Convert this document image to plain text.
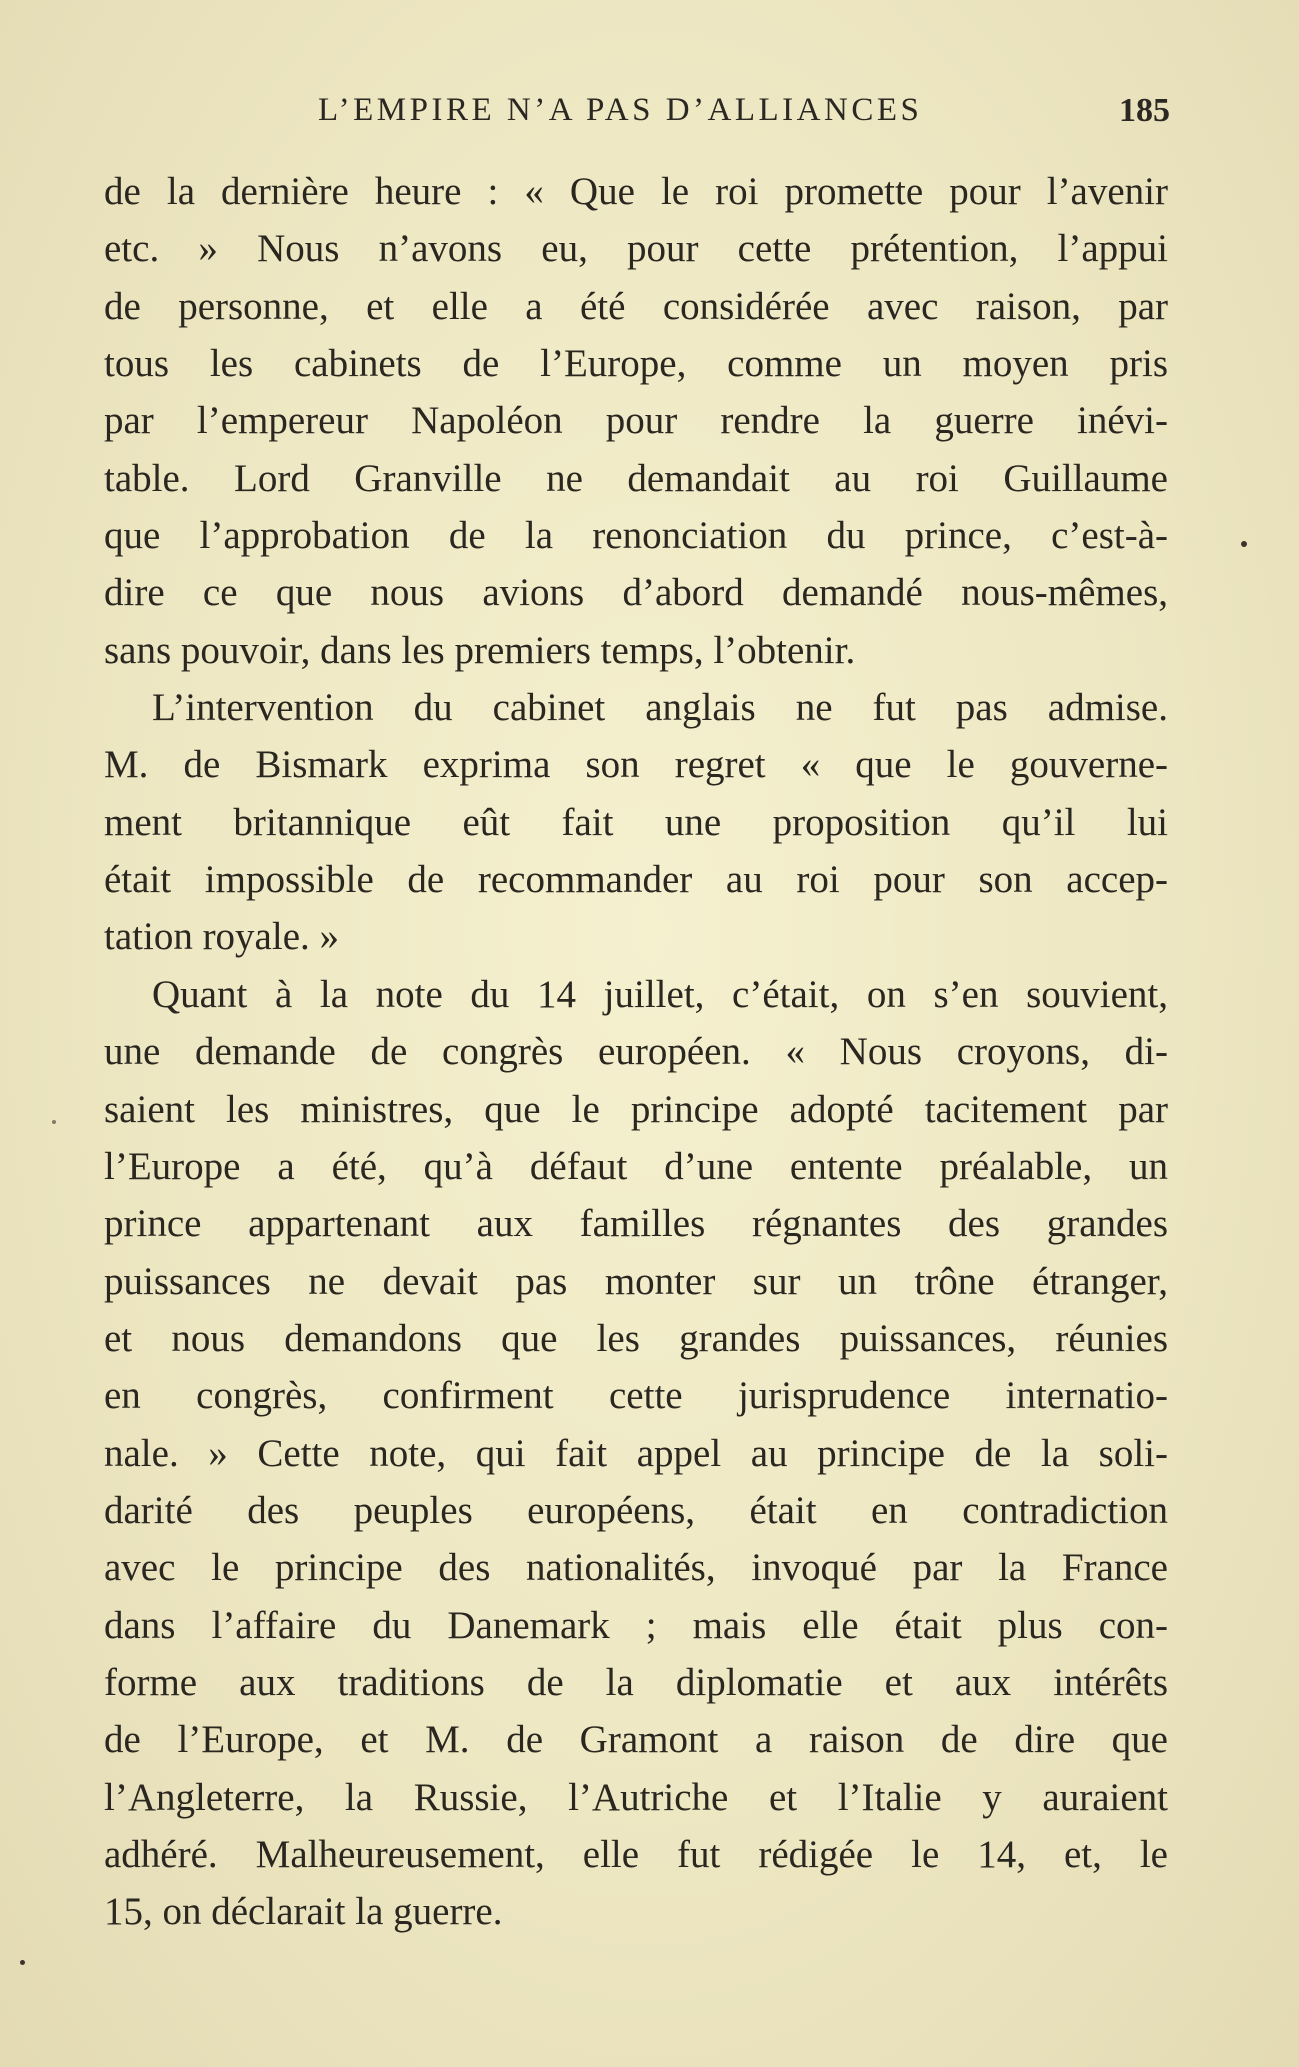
L’EMPIRE N’A PAS D’ALLIANCES	185
de la dernière heure : « Que le roi promette pour l’avenir
etc. » Nous n’avons eu, pour cette prétention, l’appui
de personne, et elle a été considérée avec raison, par
tous les cabinets de l’Europe, comme un moyen pris
par l’empereur Napoléon pour rendre la guerre inévi-
table. Lord Granville ne demandait au roi Guillaume
que l’approbation de la renonciation du prince, c’est-à-
dire ce que nous avions d’abord demandé nous-mêmes,
sans pouvoir, dans les premiers temps, l’obtenir.
L’intervention du cabinet anglais ne fut pas admise.
M. de Bismark exprima son regret « que le gouverne-
ment britannique eût fait une proposition qu’il lui
était impossible de recommander au roi pour son accep-
tation royale. »
Quant à la note du 14 juillet, c’était, on s’en souvient,
une demande de congrès européen. « Nous croyons, di-
saient les ministres, que le principe adopté tacitement par
l’Europe a été, qu’à défaut d’une entente préalable, un
prince appartenant aux familles régnantes des grandes
puissances ne devait pas monter sur un trône étranger,
et nous demandons que les grandes puissances, réunies
en congrès, confirment cette jurisprudence internatio-
nale. » Cette note, qui fait appel au principe de la soli-
darité des peuples européens, était en contradiction
avec le principe des nationalités, invoqué par la France
dans l’affaire du Danemark ; mais elle était plus con-
forme aux traditions de la diplomatie et aux intérêts
de l’Europe, et M. de Gramont a raison de dire que
l’Angleterre, la Russie, l’Autriche et l’Italie y auraient
adhéré. Malheureusement, elle fut rédigée le 14, et, le
15, on déclarait la guerre.
